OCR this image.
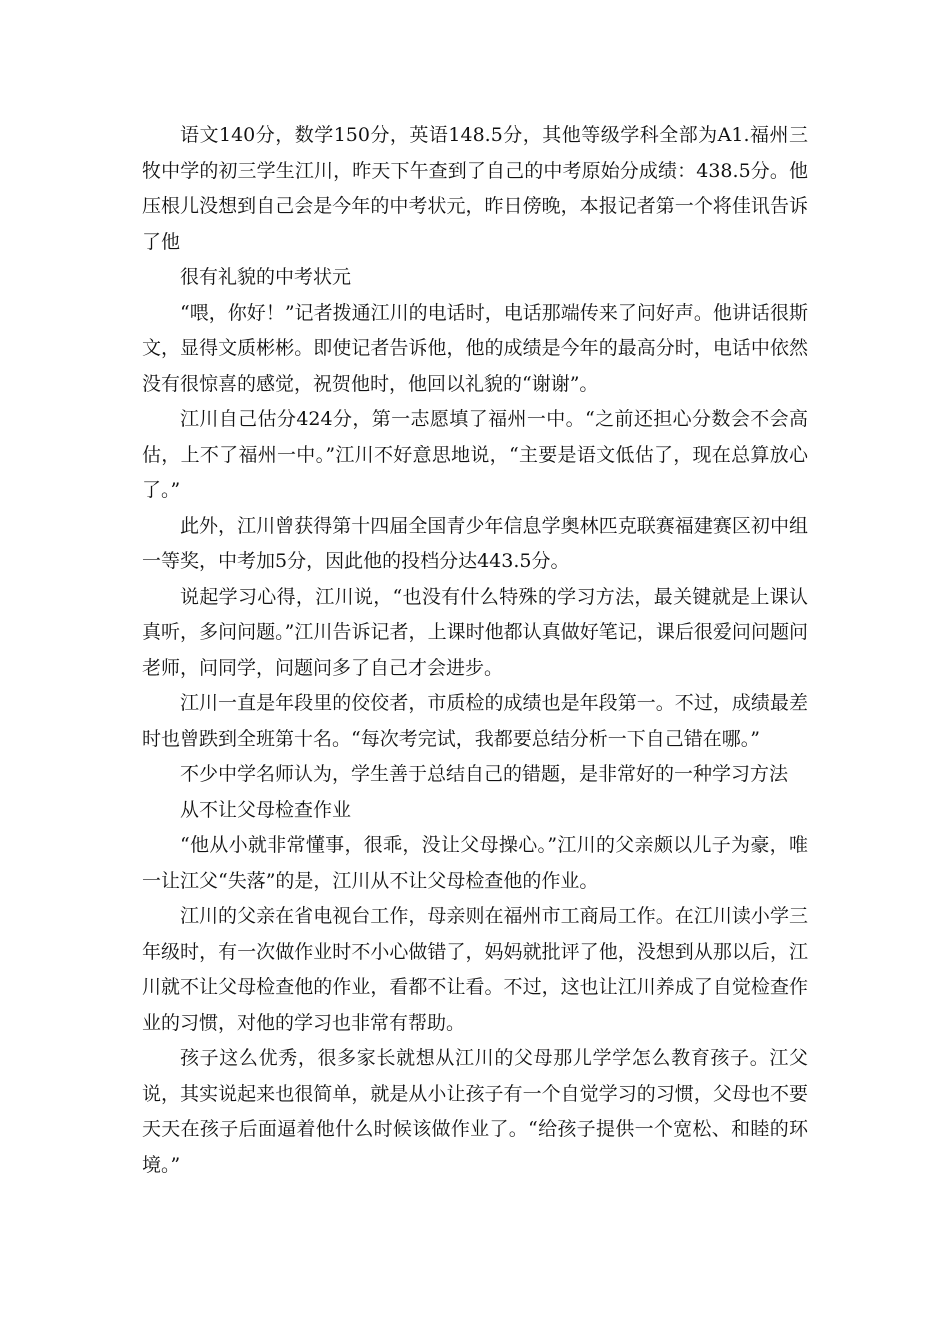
语文140分，数学150分，英语148.5分，其他等级学科全部为A1.福州三牧中学的初三学生江川，昨天下午查到了自己的中考原始分成绩：438.5分。他压根儿没想到自己会是今年的中考状元，昨日傍晚，本报记者第一个将佳讯告诉了他

很有礼貌的中考状元

“喂，你好！”记者拨通江川的电话时，电话那端传来了问好声。他讲话很斯文，显得文质彬彬。即使记者告诉他，他的成绩是今年的最高分时，电话中依然没有很惊喜的感觉，祝贺他时，他回以礼貌的“谢谢”。

江川自己估分424分，第一志愿填了福州一中。“之前还担心分数会不会高估，上不了福州一中。”江川不好意思地说，“主要是语文低估了，现在总算放心了。”

此外，江川曾获得第十四届全国青少年信息学奥林匹克联赛福建赛区初中组一等奖，中考加5分，因此他的投档分达443.5分。

说起学习心得，江川说，“也没有什么特殊的学习方法，最关键就是上课认真听，多问问题。”江川告诉记者，上课时他都认真做好笔记，课后很爱问问题问老师，问同学，问题问多了自己才会进步。

江川一直是年段里的佼佼者，市质检的成绩也是年段第一。不过，成绩最差时也曾跌到全班第十名。“每次考完试，我都要总结分析一下自己错在哪。”

不少中学名师认为，学生善于总结自己的错题，是非常好的一种学习方法

从不让父母检查作业

“他从小就非常懂事，很乖，没让父母操心。”江川的父亲颇以儿子为豪，唯一让江父“失落”的是，江川从不让父母检查他的作业。

江川的父亲在省电视台工作，母亲则在福州市工商局工作。在江川读小学三年级时，有一次做作业时不小心做错了，妈妈就批评了他，没想到从那以后，江川就不让父母检查他的作业，看都不让看。不过，这也让江川养成了自觉检查作业的习惯，对他的学习也非常有帮助。

孩子这么优秀，很多家长就想从江川的父母那儿学学怎么教育孩子。江父说，其实说起来也很简单，就是从小让孩子有一个自觉学习的习惯，父母也不要天天在孩子后面逼着他什么时候该做作业了。“给孩子提供一个宽松、和睦的环境。”
